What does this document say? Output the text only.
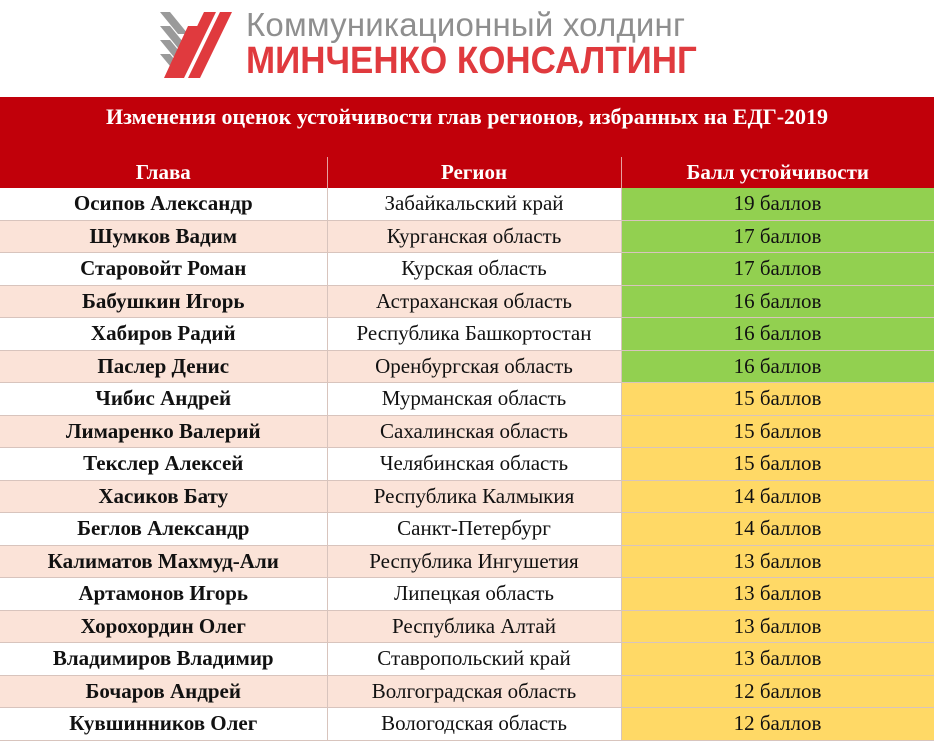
Коммуникационный холдинг
МИНЧЕНКО КОНСАЛТИНГ
Изменения оценок устойчивости глав регионов, избранных на ЕДГ-2019
Глава	Регион	Балл устойчивости
Осипов Александр	Забайкальский край	19 баллов
Шумков Вадим	Курганская область	17 баллов
Старовойт Роман	Курская область	17 баллов
Бабушкин Игорь	Астраханская область	16 баллов
Хабиров Радий	Республика Башкортостан	16 баллов
Паслер Денис	Оренбургская область	16 баллов
Чибис Андрей	Мурманская область	15 баллов
Лимаренко Валерий	Сахалинская область	15 баллов
Текслер Алексей	Челябинская область	15 баллов
Хасиков Бату	Республика Калмыкия	14 баллов
Беглов Александр	Санкт-Петербург	14 баллов
Калиматов Махмуд-Али	Республика Ингушетия	13 баллов
Артамонов Игорь	Липецкая область	13 баллов
Хорохордин Олег	Республика Алтай	13 баллов
Владимиров Владимир	Ставропольский край	13 баллов
Бочаров Андрей	Волгоградская область	12 баллов
Кувшинников Олег	Вологодская область	12 баллов
